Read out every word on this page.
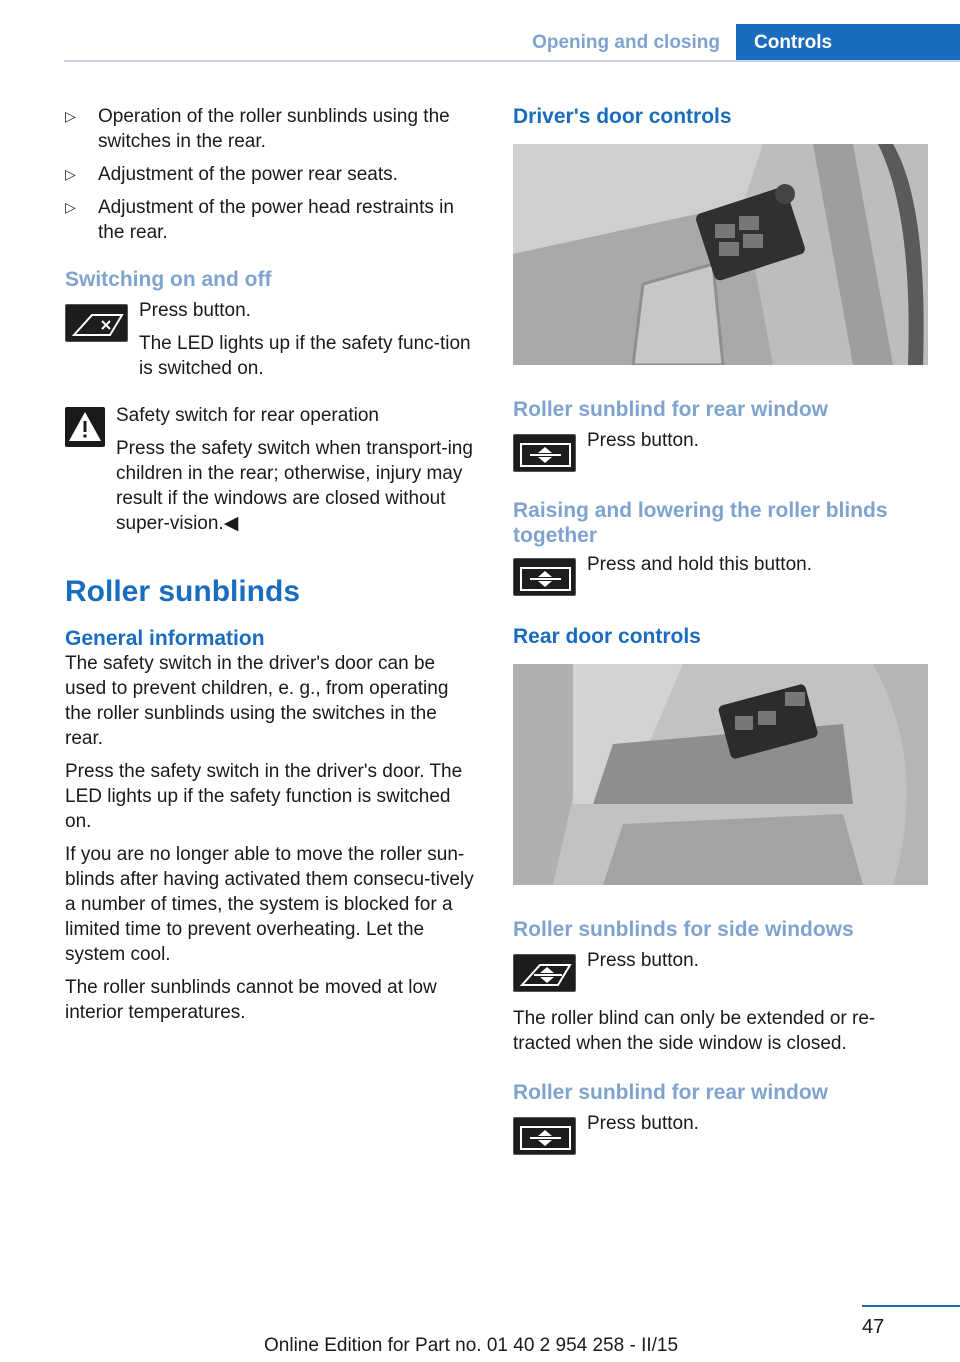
Opening and closing	Controls
▷	Operation of the roller sunblinds using the switches in the rear.
▷	Adjustment of the power rear seats.
▷	Adjustment of the power head restraints in the rear.
Switching on and off

Press button.

The LED lights up if the safety func-tion is switched on.

Safety switch for rear operation

Press the safety switch when transport-ing children in the rear; otherwise, injury may result if the windows are closed without super-vision.◀

Roller sunblinds
General information

The safety switch in the driver's door can be used to prevent children, e. g., from operating the roller sunblinds using the switches in the rear.

Press the safety switch in the driver's door. The LED lights up if the safety function is switched on.

If you are no longer able to move the roller sun-blinds after having activated them consecu-tively a number of times, the system is blocked for a limited time to prevent overheating. Let the system cool.

The roller sunblinds cannot be moved at low interior temperatures.

Driver's door controls
Roller sunblind for rear window

Press button.

Raising and lowering the roller blinds together

Press and hold this button.

Rear door controls
Roller sunblinds for side windows

Press button.

The roller blind can only be extended or re-tracted when the side window is closed.

Roller sunblind for rear window

Press button.

47
Online Edition for Part no. 01 40 2 954 258 - II/15
